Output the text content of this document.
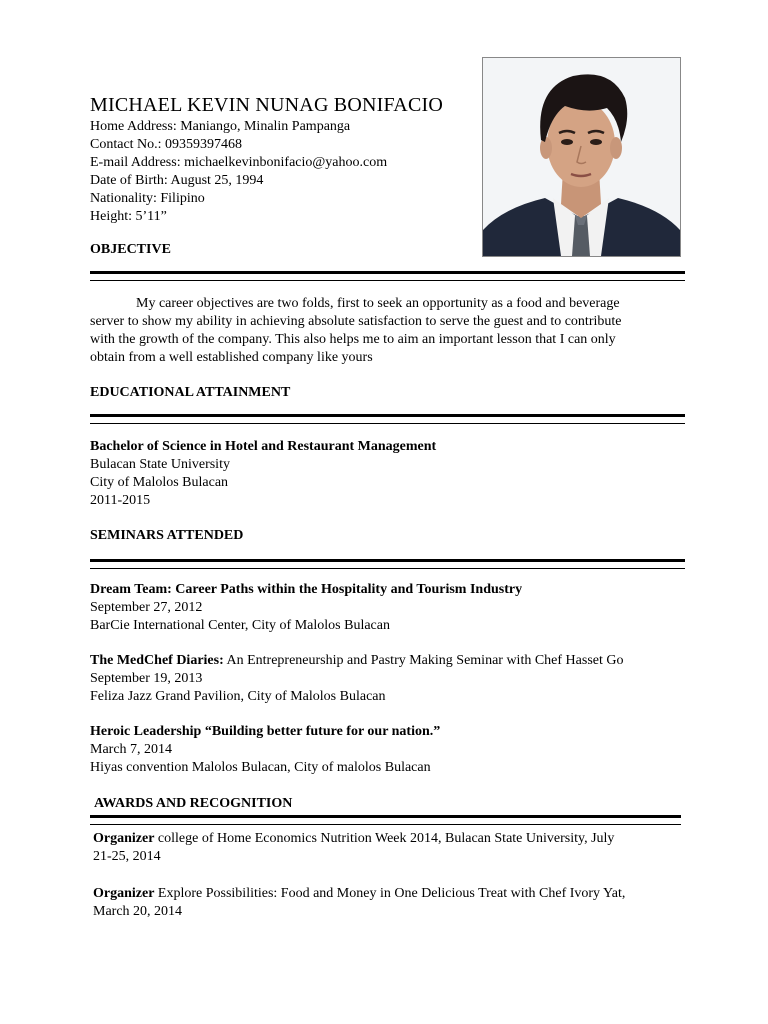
MICHAEL KEVIN NUNAG BONIFACIO
Home Address: Maniango, Minalin Pampanga
Contact No.: 09359397468
E-mail Address: michaelkevinbonifacio@yahoo.com
Date of Birth: August 25, 1994
Nationality: Filipino
Height: 5’11”
OBJECTIVE
My career objectives are two folds, first to seek an opportunity as a food and beverage
server to show my ability in achieving absolute satisfaction to serve the guest and to contribute
with the growth of the company. This also helps me to aim an important lesson that I can only
obtain from a well established company like yours
EDUCATIONAL ATTAINMENT
Bachelor of Science in Hotel and Restaurant Management
Bulacan State University
City of Malolos Bulacan
2011-2015
SEMINARS ATTENDED
Dream Team: Career Paths within the Hospitality and Tourism Industry
September 27, 2012
BarCie International Center, City of Malolos Bulacan
The MedChef Diaries: An Entrepreneurship and Pastry Making Seminar with Chef Hasset Go
September 19, 2013
Feliza Jazz Grand Pavilion, City of Malolos Bulacan
Heroic Leadership “Building better future for our nation.”
March 7, 2014
Hiyas convention Malolos Bulacan, City of malolos Bulacan
AWARDS AND RECOGNITION
Organizer college of Home Economics Nutrition Week 2014, Bulacan State University, July
21-25, 2014
Organizer Explore Possibilities: Food and Money in One Delicious Treat with Chef Ivory Yat,
March 20, 2014
